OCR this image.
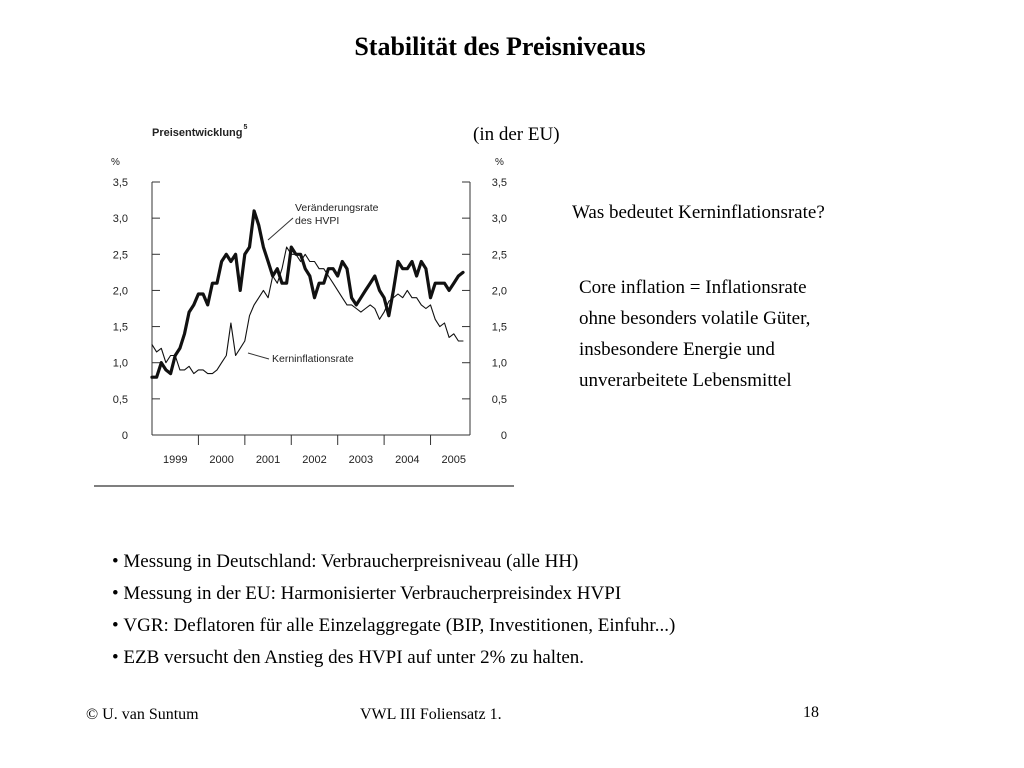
Stabilität des Preisniveaus
(in der EU)
Was bedeutet Kerninflationsrate?
Core inflation = Inflationsrate
ohne besonders volatile Güter,
insbesondere Energie und
unverarbeitete Lebensmittel
Preisentwicklung 5
%	%
0	0
0,5	0,5
1,0	1,0
1,5	1,5
2,0	2,0
2,5	2,5
3,0	3,0
3,5	3,5
1999 2000 2001 2002 2003 2004 2005
Veränderungsrate
des HVPI
Kerninflationsrate
• Messung in Deutschland: Verbraucherpreisniveau (alle HH)
• Messung in der EU: Harmonisierter Verbraucherpreisindex HVPI
• VGR: Deflatoren für alle Einzelaggregate (BIP, Investitionen, Einfuhr...)
• EZB versucht den Anstieg des HVPI auf unter 2% zu halten.
© U. van Suntum	VWL III Foliensatz 1.	18
